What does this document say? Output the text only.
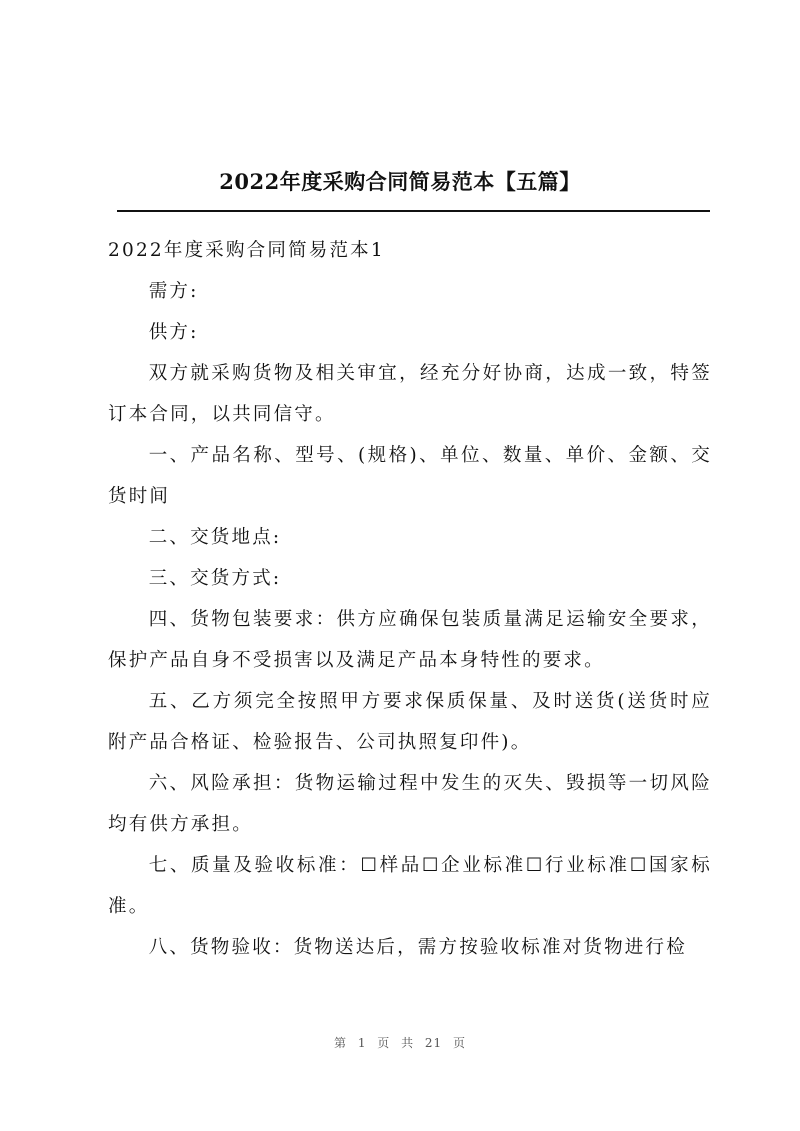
2022年度采购合同简易范本【五篇】

2022年度采购合同简易范本1

需方:

供方:

双方就采购货物及相关审宜，经充分好协商，达成一致，特签订本合同，以共同信守。

一、产品名称、型号、(规格)、单位、数量、单价、金额、交货时间

二、交货地点:

三、交货方式:

四、货物包装要求：供方应确保包装质量满足运输安全要求，保护产品自身不受损害以及满足产品本身特性的要求。

五、乙方须完全按照甲方要求保质保量、及时送货(送货时应附产品合格证、检验报告、公司执照复印件)。

六、风险承担：货物运输过程中发生的灭失、毁损等一切风险均有供方承担。

七、质量及验收标准：☐样品☐企业标准☐行业标准☐国家标准。

八、货物验收：货物送达后，需方按验收标准对货物进行检

第 1 页 共 21 页
